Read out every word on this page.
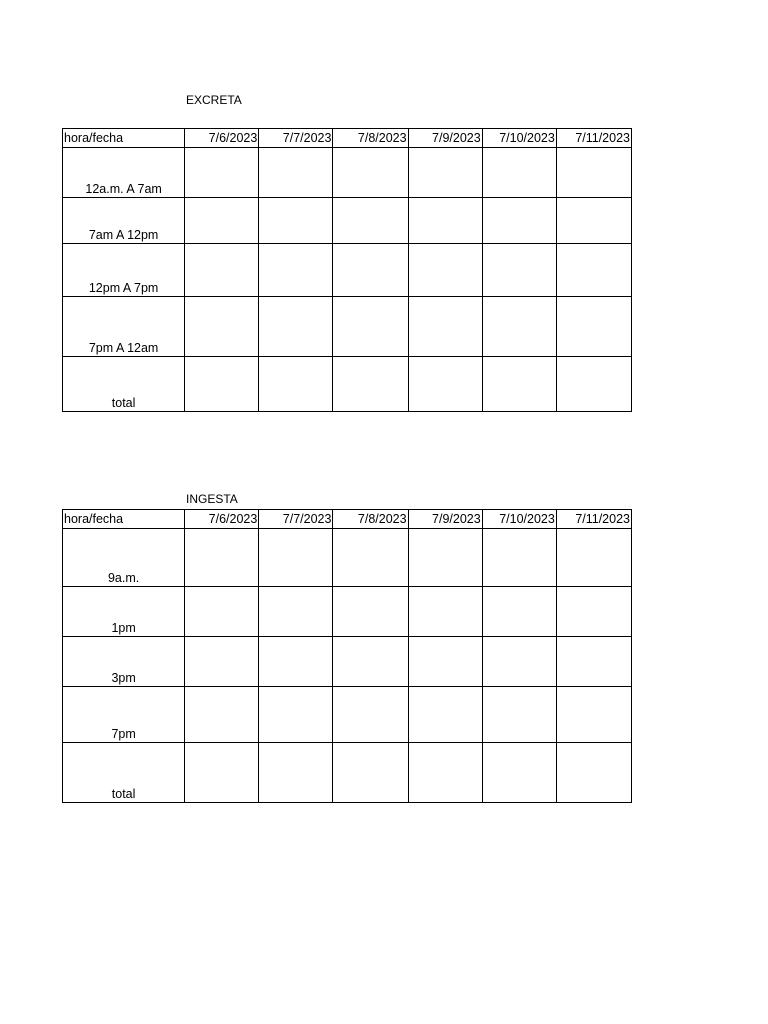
EXCRETA
hora/fecha	7/6/2023	7/7/2023	7/8/2023	7/9/2023	7/10/2023	7/11/2023
12a.m. A 7am						
7am A 12pm						
12pm A 7pm						
7pm A 12am						
total						
INGESTA
hora/fecha	7/6/2023	7/7/2023	7/8/2023	7/9/2023	7/10/2023	7/11/2023
9a.m.						
1pm						
3pm						
7pm						
total						
